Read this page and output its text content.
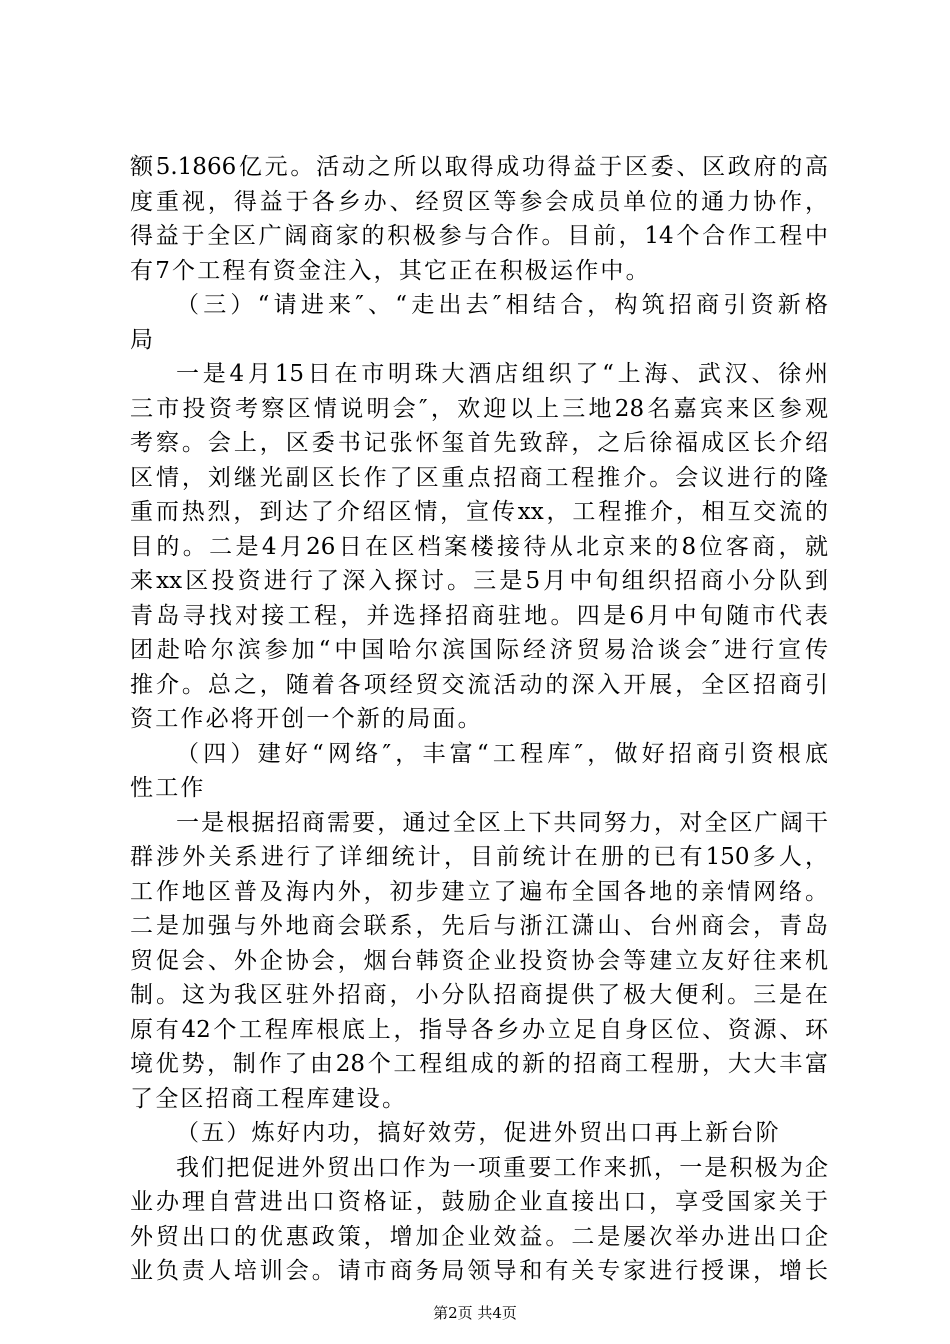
额5.1866亿元。活动之所以取得成功得益于区委、区政府的高
度重视，得益于各乡办、经贸区等参会成员单位的通力协作，
得益于全区广阔商家的积极参与合作。目前，14个合作工程中
有7个工程有资金注入，其它正在积极运作中。
（三）“请进来″、“走出去″相结合，构筑招商引资新格
局
一是4月15日在市明珠大酒店组织了“上海、武汉、徐州
三市投资考察区情说明会″，欢迎以上三地28名嘉宾来区参观
考察。会上，区委书记张怀玺首先致辞，之后徐福成区长介绍
区情，刘继光副区长作了区重点招商工程推介。会议进行的隆
重而热烈，到达了介绍区情，宣传xx，工程推介，相互交流的
目的。二是4月26日在区档案楼接待从北京来的8位客商，就
来xx区投资进行了深入探讨。三是5月中旬组织招商小分队到
青岛寻找对接工程，并选择招商驻地。四是6月中旬随市代表
团赴哈尔滨参加“中国哈尔滨国际经济贸易洽谈会″进行宣传
推介。总之，随着各项经贸交流活动的深入开展，全区招商引
资工作必将开创一个新的局面。
（四）建好“网络″，丰富“工程库″，做好招商引资根底
性工作
一是根据招商需要，通过全区上下共同努力，对全区广阔干
群涉外关系进行了详细统计，目前统计在册的已有150多人，
工作地区普及海内外，初步建立了遍布全国各地的亲情网络。
二是加强与外地商会联系，先后与浙江潇山、台州商会，青岛
贸促会、外企协会，烟台韩资企业投资协会等建立友好往来机
制。这为我区驻外招商，小分队招商提供了极大便利。三是在
原有42个工程库根底上，指导各乡办立足自身区位、资源、环
境优势，制作了由28个工程组成的新的招商工程册，大大丰富
了全区招商工程库建设。
（五）炼好内功，搞好效劳，促进外贸出口再上新台阶
我们把促进外贸出口作为一项重要工作来抓，一是积极为企
业办理自营进出口资格证，鼓励企业直接出口，享受国家关于
外贸出口的优惠政策，增加企业效益。二是屡次举办进出口企
业负责人培训会。请市商务局领导和有关专家进行授课，增长
第2页 共4页
